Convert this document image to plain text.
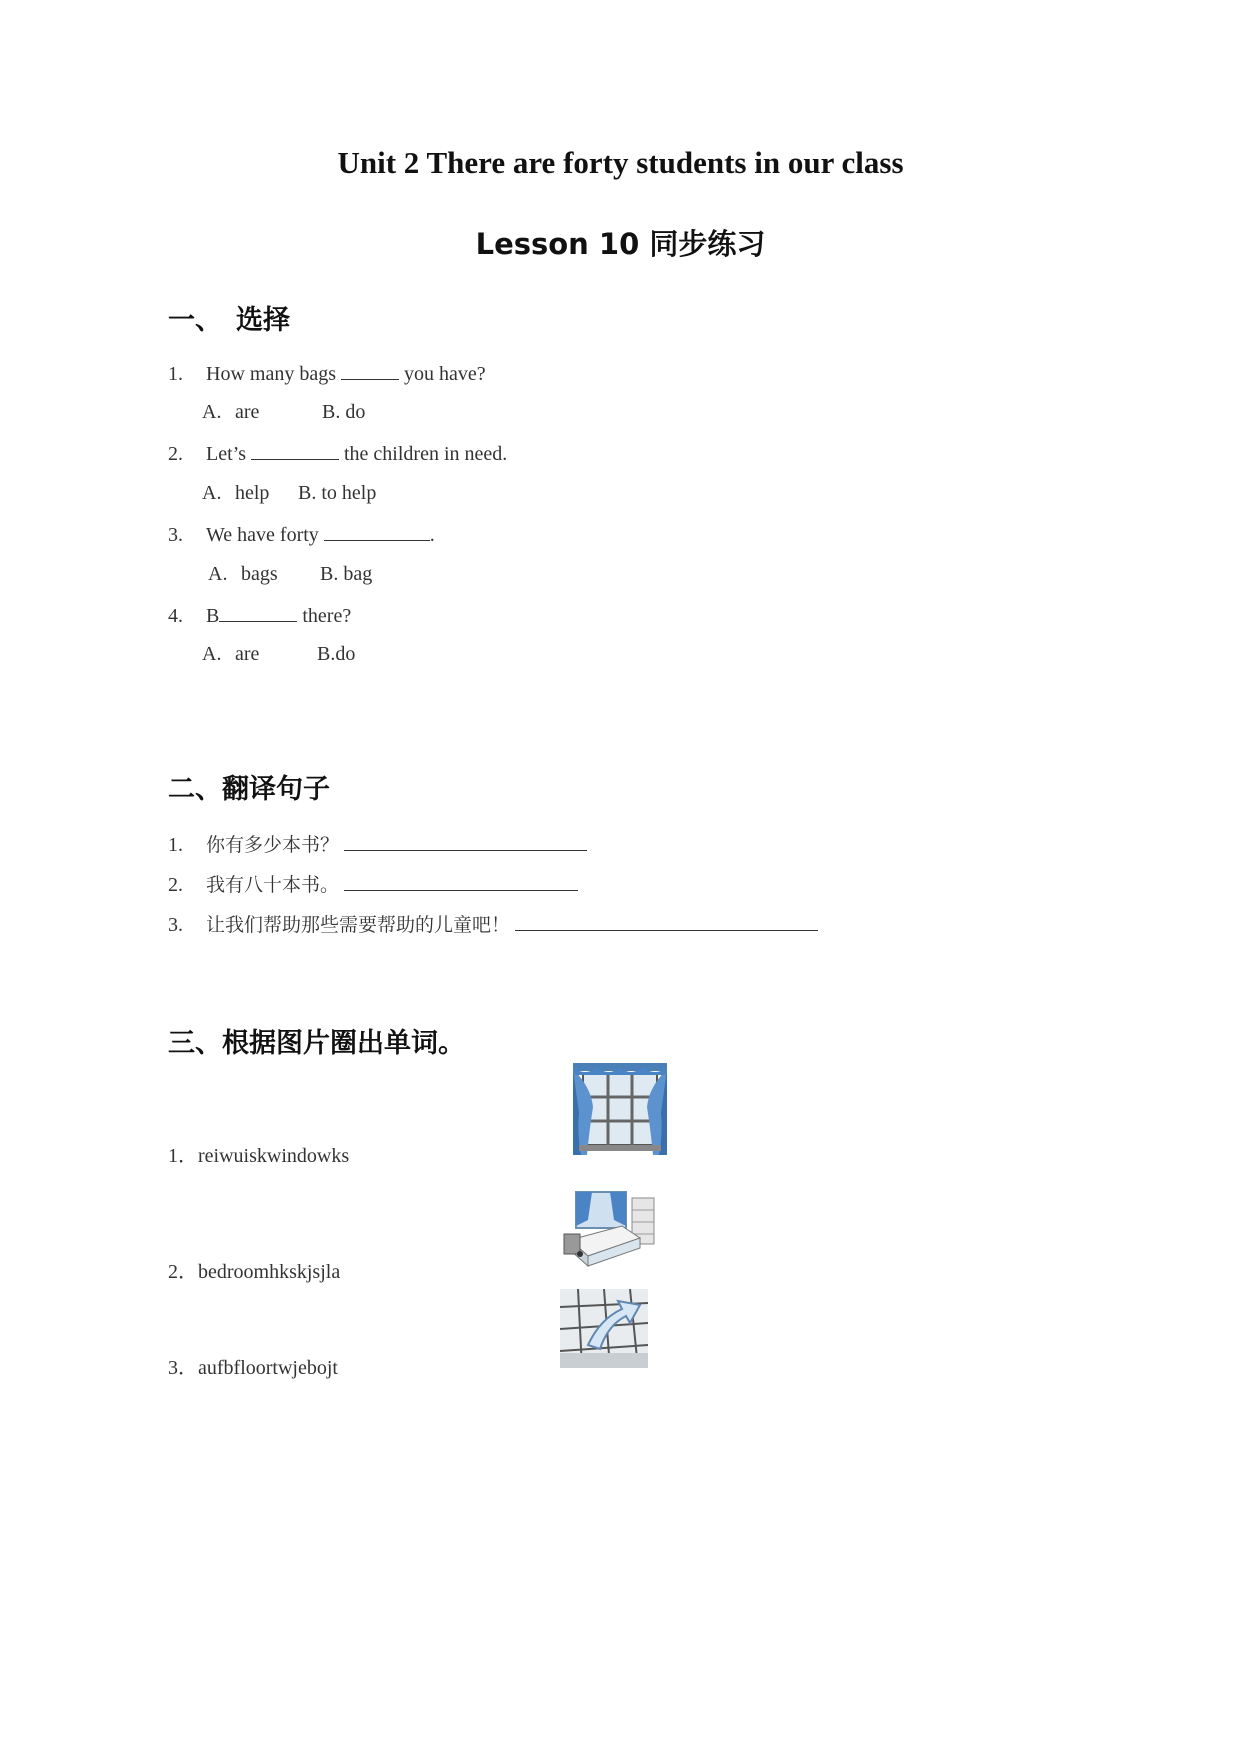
Unit 2 There are forty students in our class
Lesson 10 同步练习
一、 选择
1. How many bags	you have?
A. are	B. do
2. Let’s	the children in need.
A. help B. to help
3. We have forty	.
A. bags B. bag
4. B	there?
A. are	B.do
二、翻译句子
1. 你有多少本书？
2. 我有八十本书。
3. 让我们帮助那些需要帮助的儿童吧！
三、根据图片圈出单词。
1．reiwuiskwindowks
2．bedroomhkskjsjla
3．aufbfloortwjebojt
